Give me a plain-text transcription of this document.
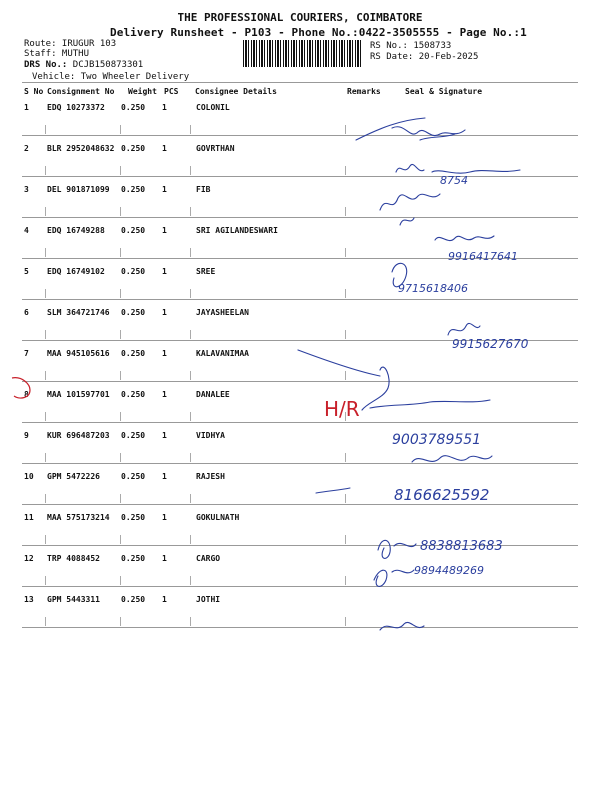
THE PROFESSIONAL COURIERS, COIMBATORE
Delivery Runsheet - P103 - Phone No.:0422-3505555 - Page No.:1
Route: IRUGUR 103
Staff: MUTHU
DRS No.: DCJB150873301
Vehicle: Two Wheeler Delivery
RS No.: 1508733
RS Date: 20-Feb-2025
S No Consignment No Weight PCS Consignee Details	Remarks	Seal & Signature
1 EDQ 10273372 0.250 1	COLONIL
2 BLR 2952048632 0.250 1	GOVRTHAN
3 DEL 901871099 0.250 1	FIB
4 EDQ 16749288 0.250 1	SRI AGILANDESWARI
5 EDQ 16749102 0.250 1	SREE
6 SLM 364721746 0.250 1	JAYASHEELAN
7 MAA 945105616 0.250 1	KALAVANIMAA
8 MAA 101597701 0.250 1	DANALEE
9 KUR 696487203 0.250 1	VIDHYA
10 GPM 5472226	0.250 1	RAJESH
11 MAA 575173214 0.250 1	GOKULNATH
12 TRP 4088452	0.250 1	CARGO
13 GPM 5443311	0.250 1	JOTHI
8754
9003789551
9916417641
9715618406
9915627670
8166625592
8838813683
9894489269
H/R
